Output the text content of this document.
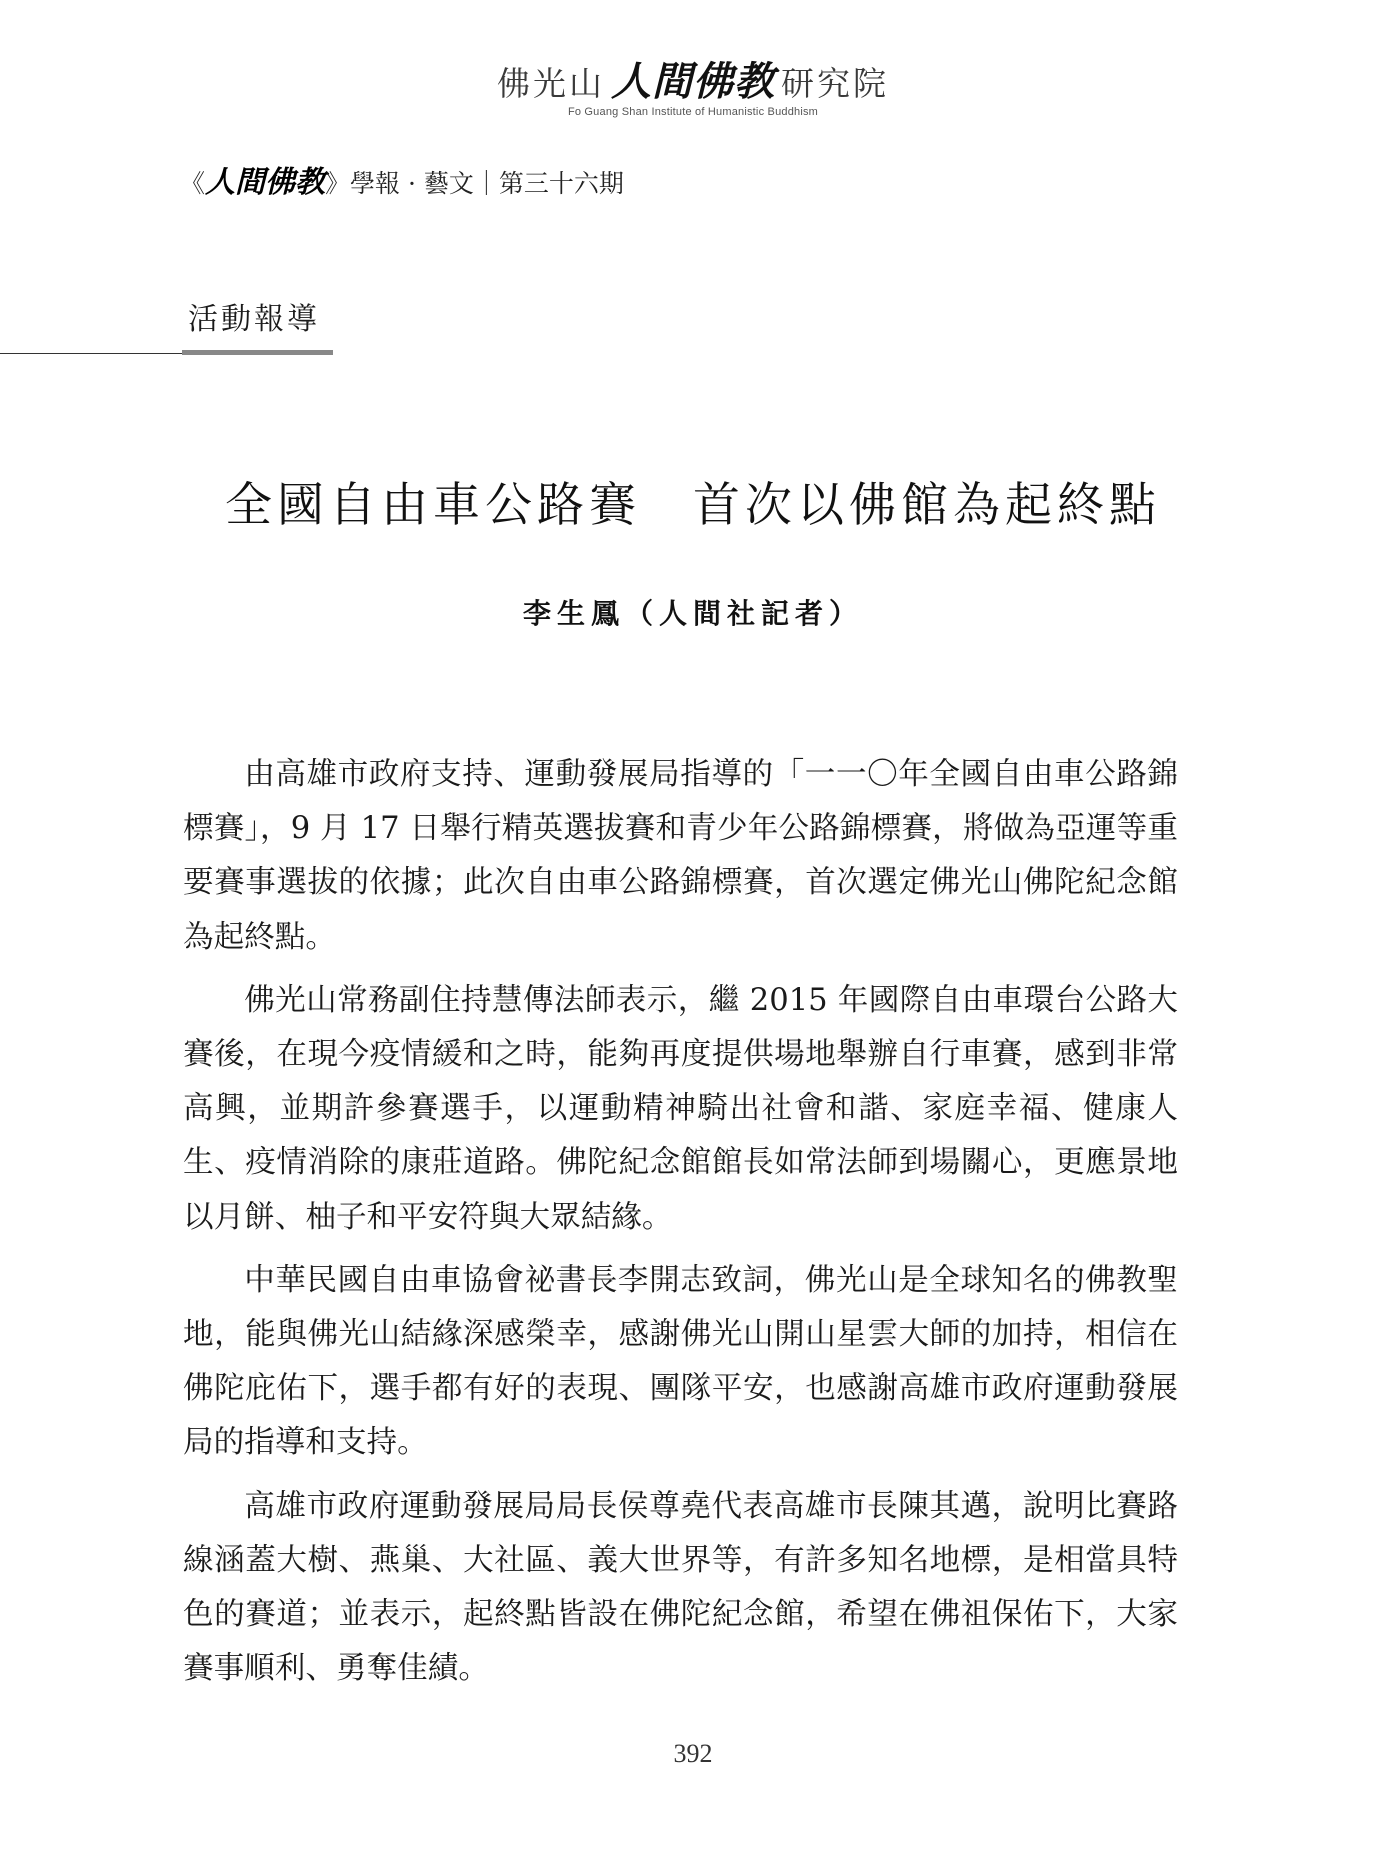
佛光山 人間佛教 研究院
Fo Guang Shan Institute of Humanistic Buddhism
《人間佛教》學報 · 藝文｜第三十六期
活動報導
全國自由車公路賽　首次以佛館為起終點
李生鳳（人間社記者）

由高雄市政府支持、運動發展局指導的「一一〇年全國自由車公路錦標賽」，9 月 17 日舉行精英選拔賽和青少年公路錦標賽，將做為亞運等重要賽事選拔的依據；此次自由車公路錦標賽，首次選定佛光山佛陀紀念館為起終點。

佛光山常務副住持慧傳法師表示，繼 2015 年國際自由車環台公路大賽後，在現今疫情緩和之時，能夠再度提供場地舉辦自行車賽，感到非常高興，並期許參賽選手，以運動精神騎出社會和諧、家庭幸福、健康人生、疫情消除的康莊道路。佛陀紀念館館長如常法師到場關心，更應景地以月餅、柚子和平安符與大眾結緣。

中華民國自由車協會祕書長李開志致詞，佛光山是全球知名的佛教聖地，能與佛光山結緣深感榮幸，感謝佛光山開山星雲大師的加持，相信在佛陀庇佑下，選手都有好的表現、團隊平安，也感謝高雄市政府運動發展局的指導和支持。

高雄市政府運動發展局局長侯尊堯代表高雄市長陳其邁，說明比賽路線涵蓋大樹、燕巢、大社區、義大世界等，有許多知名地標，是相當具特色的賽道；並表示，起終點皆設在佛陀紀念館，希望在佛祖保佑下，大家賽事順利、勇奪佳績。

392
